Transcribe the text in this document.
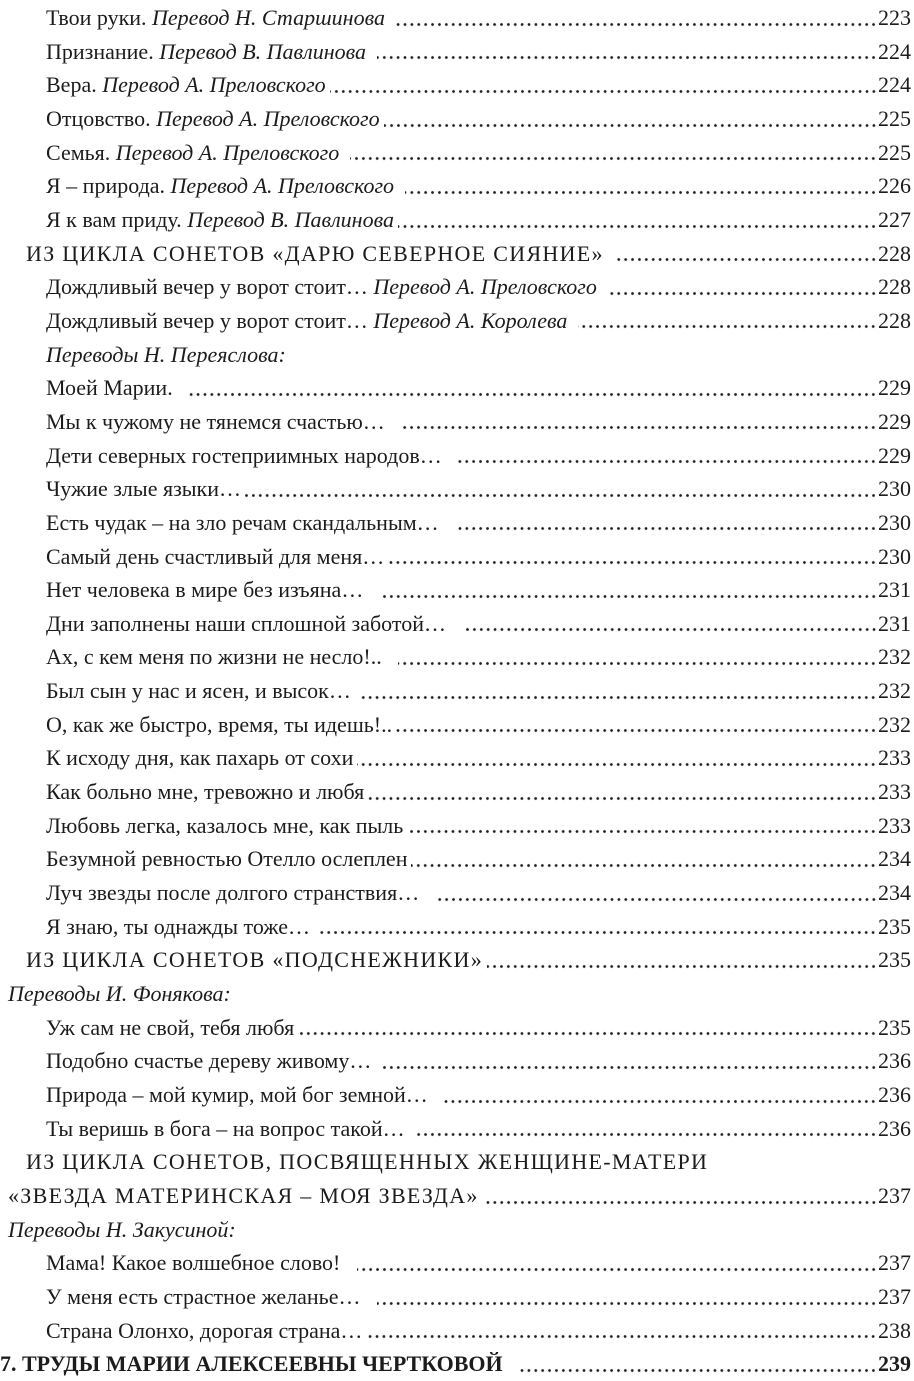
Твои руки. Перевод Н. Старшинова	223
Признание. Перевод В. Павлинова	224
Вера. Перевод А. Преловского	224
Отцовство. Перевод А. Преловского	225
Семья. Перевод А. Преловского	225
Я – природа. Перевод А. Преловского	226
Я к вам приду. Перевод В. Павлинова	227
ИЗ ЦИКЛА СОНЕТОВ «ДАРЮ СЕВЕРНОЕ СИЯНИЕ»	228
Дождливый вечер у ворот стоит… Перевод А. Преловского	228
Дождливый вечер у ворот стоит… Перевод А. Королева	228
Переводы Н. Переяслова:
Моей Марии.	229
Мы к чужому не тянемся счастью…	229
Дети северных гостеприимных народов…	229
Чужие злые языки…	230
Есть чудак – на зло речам скандальным…	230
Самый день счастливый для меня…	230
Нет человека в мире без изъяна…	231
Дни заполнены наши сплошной заботой…	231
Ах, с кем меня по жизни не несло!..	232
Был сын у нас и ясен, и высок…	232
О, как же быстро, время, ты идешь!..	232
К исходу дня, как пахарь от сохи	233
Как больно мне, тревожно и любя	233
Любовь легка, казалось мне, как пыль	233
Безумной ревностью Отелло ослеплен	234
Луч звезды после долгого странствия…	234
Я знаю, ты однажды тоже…	235
ИЗ ЦИКЛА СОНЕТОВ «ПОДСНЕЖНИКИ»	235
Переводы И. Фонякова:
Уж сам не свой, тебя любя	235
Подобно счастье дереву живому…	236
Природа – мой кумир, мой бог земной…	236
Ты веришь в бога – на вопрос такой…	236
ИЗ ЦИКЛА СОНЕТОВ, ПОСВЯЩЕННЫХ ЖЕНЩИНЕ-МАТЕРИ
«ЗВЕЗДА МАТЕРИНСКАЯ – МОЯ ЗВЕЗДА»	237
Переводы Н. Закусиной:
Мама! Какое волшебное слово!	237
У меня есть страстное желанье…	237
Страна Олонхо, дорогая страна…	238
7. ТРУДЫ МАРИИ АЛЕКСЕЕВНЫ ЧЕРТКОВОЙ	239
